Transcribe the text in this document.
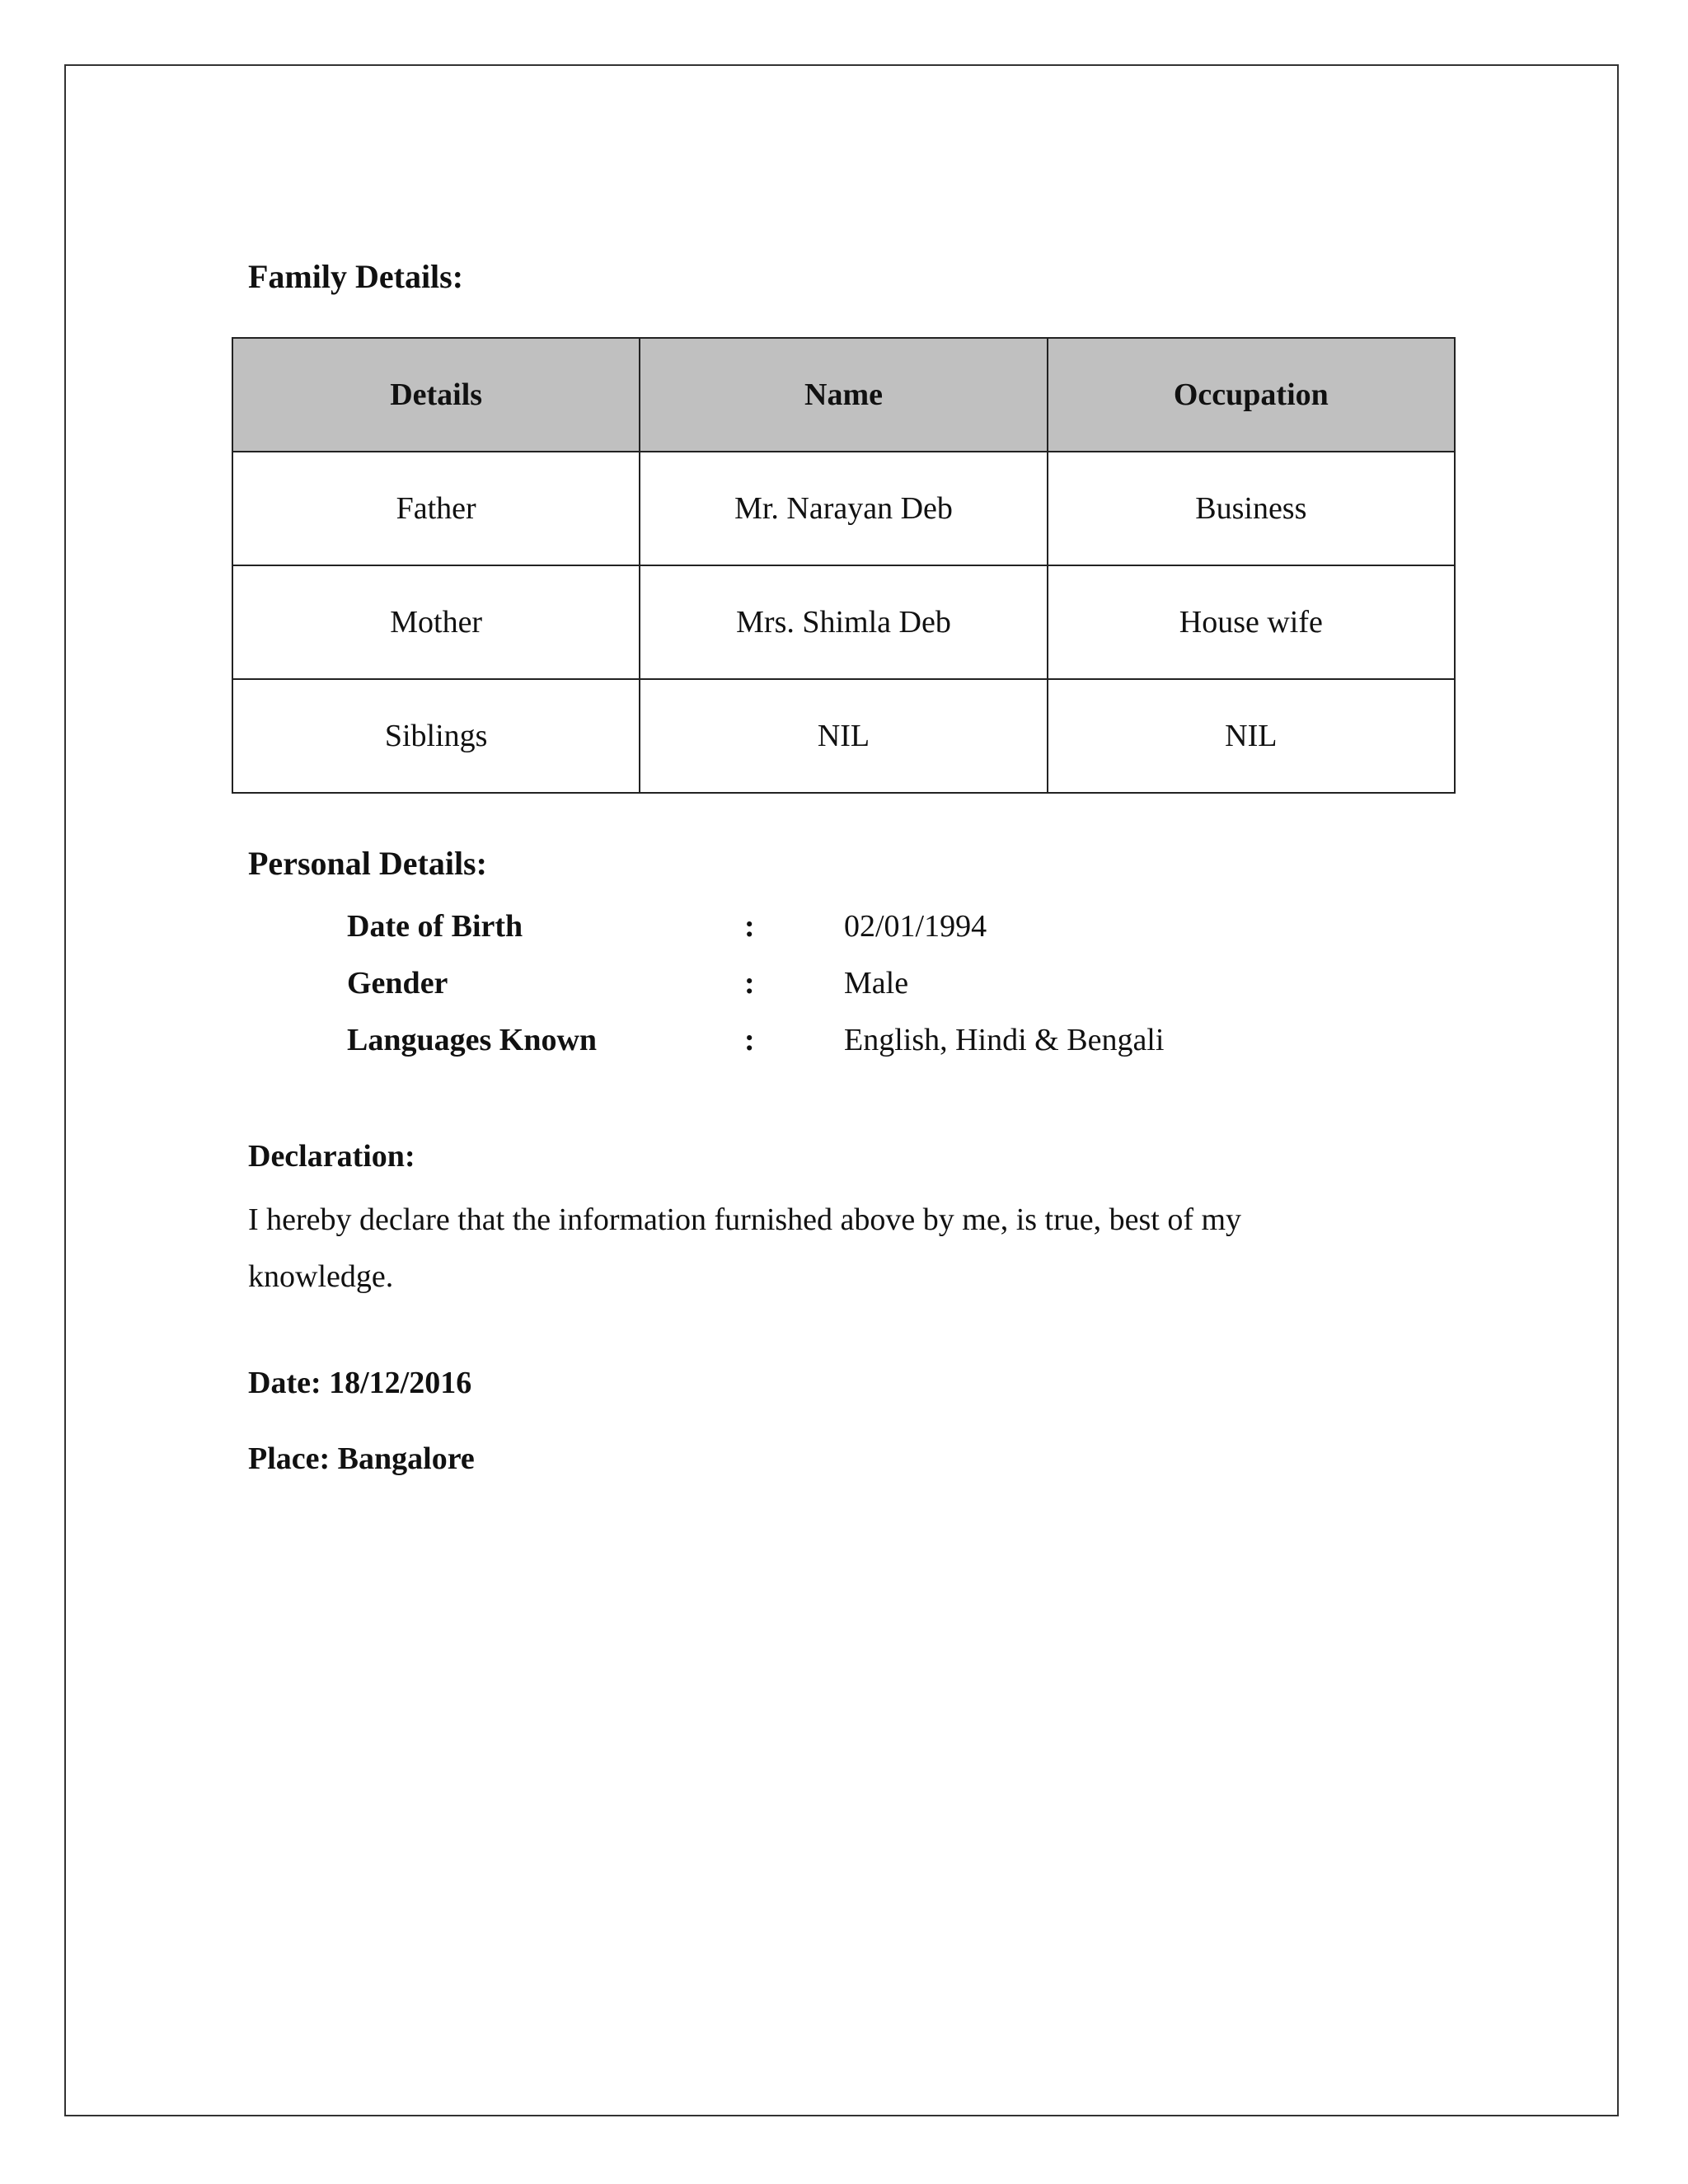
Family Details:
Details	Name	Occupation
Father	Mr. Narayan Deb	Business
Mother	Mrs. Shimla Deb	House wife
Siblings	NIL	NIL
Personal Details:
Date of Birth	:	02/01/1994
Gender	:	Male
Languages Known	:	English, Hindi & Bengali
Declaration:
I hereby declare that the information furnished above by me, is true, best of my knowledge.
Date: 18/12/2016
Place: Bangalore
